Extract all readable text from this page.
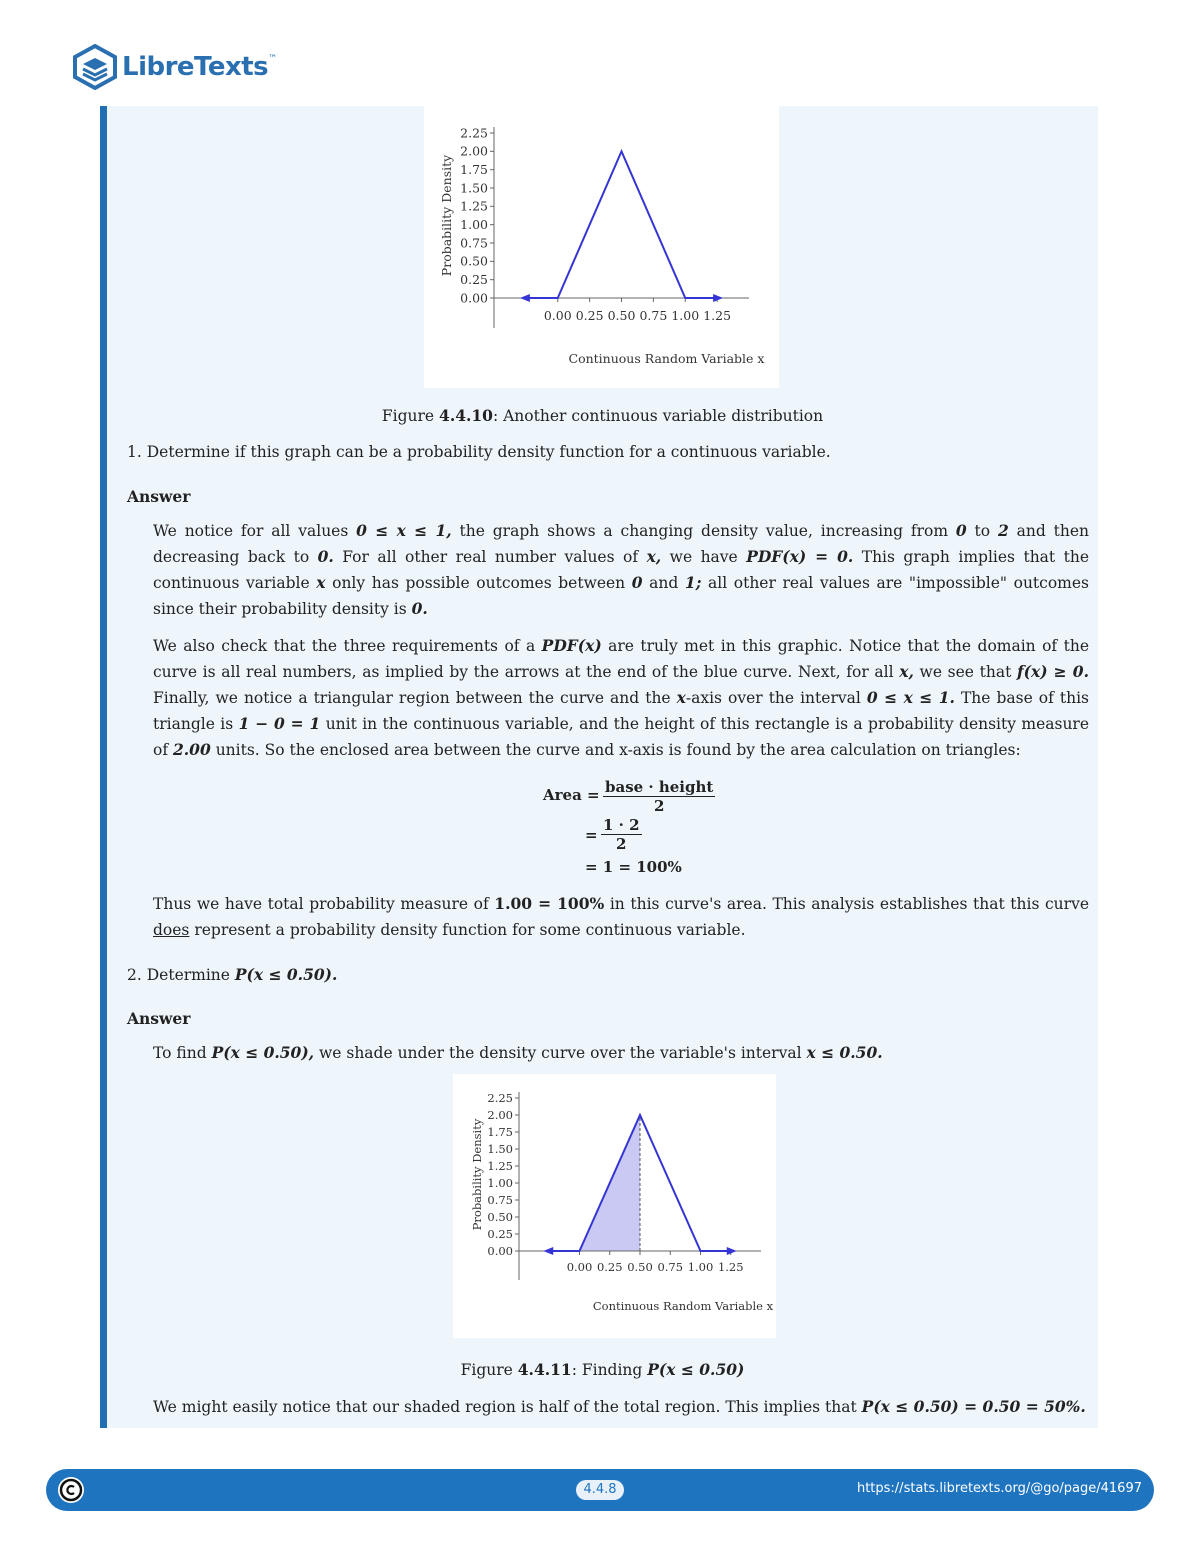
LibreTexts ™
0.00
0.25
0.50
0.75
1.00
1.25
1.50
1.75
2.00
2.25
0.00 0.25 0.50 0.75 1.00 1.25
Continuous Random Variable x
Probability Density
Figure 4.4.10: Another continuous variable distribution
1. Determine if this graph can be a probability density function for a continuous variable.
Answer
We notice for all values 0 ≤ x ≤ 1, the graph shows a changing density value, increasing from 0 to 2 and then decreasing back to 0. For all other real number values of x, we have PDF(x) = 0. This graph implies that the continuous variable x only has possible outcomes between 0 and 1; all other real values are "impossible" outcomes since their probability density is 0.
We also check that the three requirements of a PDF(x) are truly met in this graphic. Notice that the domain of the curve is all real numbers, as implied by the arrows at the end of the blue curve. Next, for all x, we see that f(x) ≥ 0. Finally, we notice a triangular region between the curve and the x-axis over the interval 0 ≤ x ≤ 1. The base of this triangle is 1 − 0 = 1 unit in the continuous variable, and the height of this rectangle is a probability density measure of 2.00 units. So the enclosed area between the curve and x-axis is found by the area calculation on triangles:
Area = base · height
2
= $\frac{1 \cdot 2}{2}$
= 1 = 100%
Thus we have total probability measure of 1.00 = 100% in this curve's area. This analysis establishes that this curve does represent a probability density function for some continuous variable.
2. Determine P(x ≤ 0.50).
Answer
To find P(x ≤ 0.50), we shade under the density curve over the variable's interval x ≤ 0.50.
0.00
0.25
0.50
0.75
1.00
1.25
1.50
1.75
2.00
2.25
0.00 0.25 0.50 0.75 1.00 1.25
Continuous Random Variable x
Probability Density
Figure 4.4.11: Finding P(x ≤ 0.50)
We might easily notice that our shaded region is half of the total region. This implies that P(x ≤ 0.50) = 0.50 = 50%.
4.4.8	https://stats.libretexts.org/@go/page/41697
